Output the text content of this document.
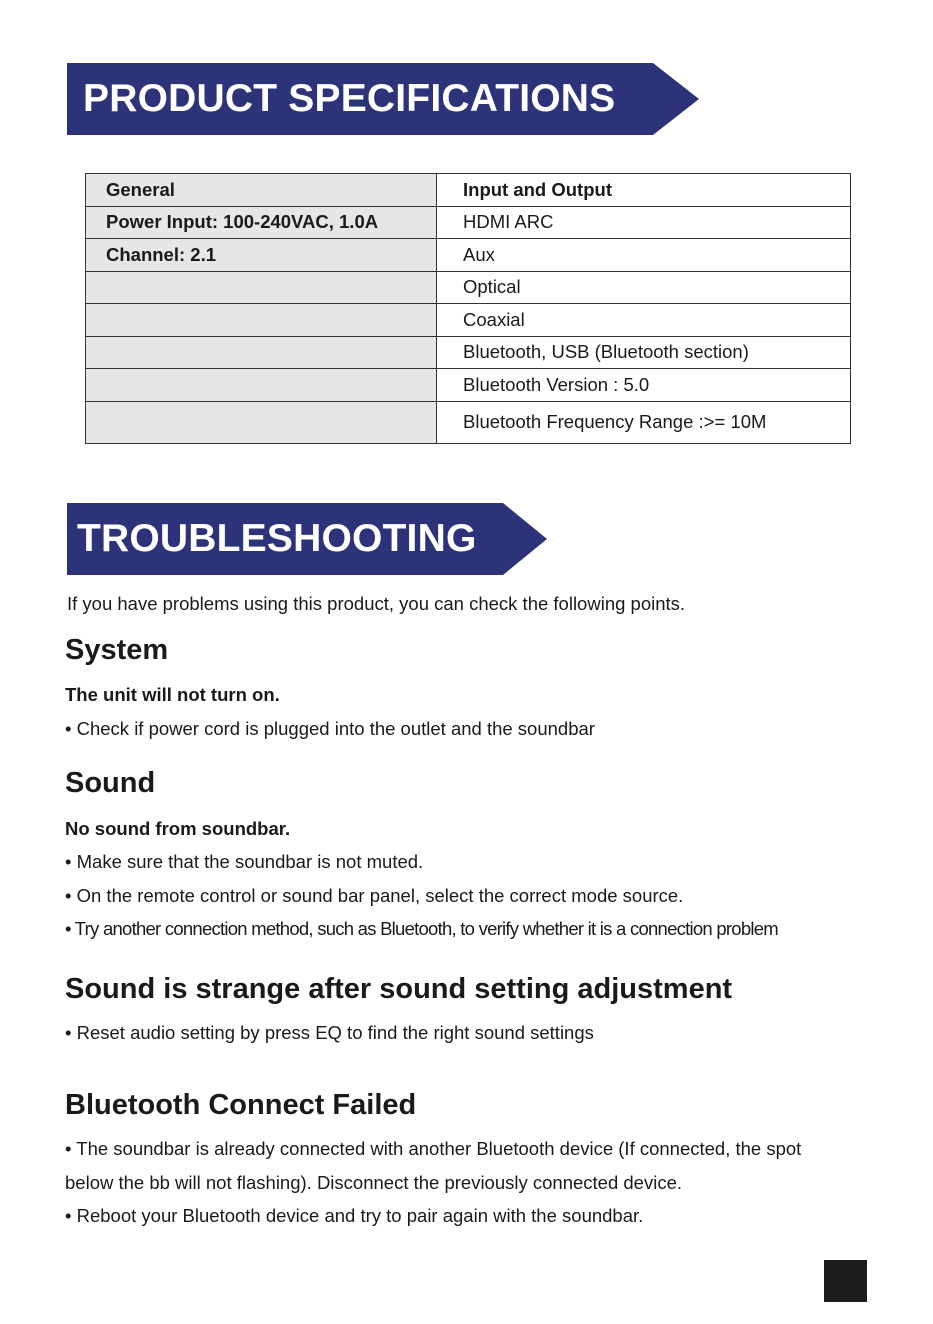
PRODUCT SPECIFICATIONS
General	Input and Output
Power Input: 100-240VAC, 1.0A	HDMI ARC
Channel: 2.1	Aux
	Optical
	Coaxial
	Bluetooth, USB (Bluetooth section)
	Bluetooth Version : 5.0
	Bluetooth Frequency Range :>= 10M
TROUBLESHOOTING
If you have problems using this product, you can check the following points.
System
The unit will not turn on.
• Check if power cord is plugged into the outlet and the soundbar
Sound
No sound from soundbar.
• Make sure that the soundbar is not muted.
• On the remote control or sound bar panel, select the correct mode source.
• Try another connection method, such as Bluetooth, to verify whether it is a connection problem
Sound is strange after sound setting adjustment
• Reset audio setting by press EQ to find the right sound settings
Bluetooth Connect Failed
• The soundbar is already connected with another Bluetooth device (If connected, the spot
below the bb will not flashing). Disconnect the previously connected device.
• Reboot your Bluetooth device and try to pair again with the soundbar.
